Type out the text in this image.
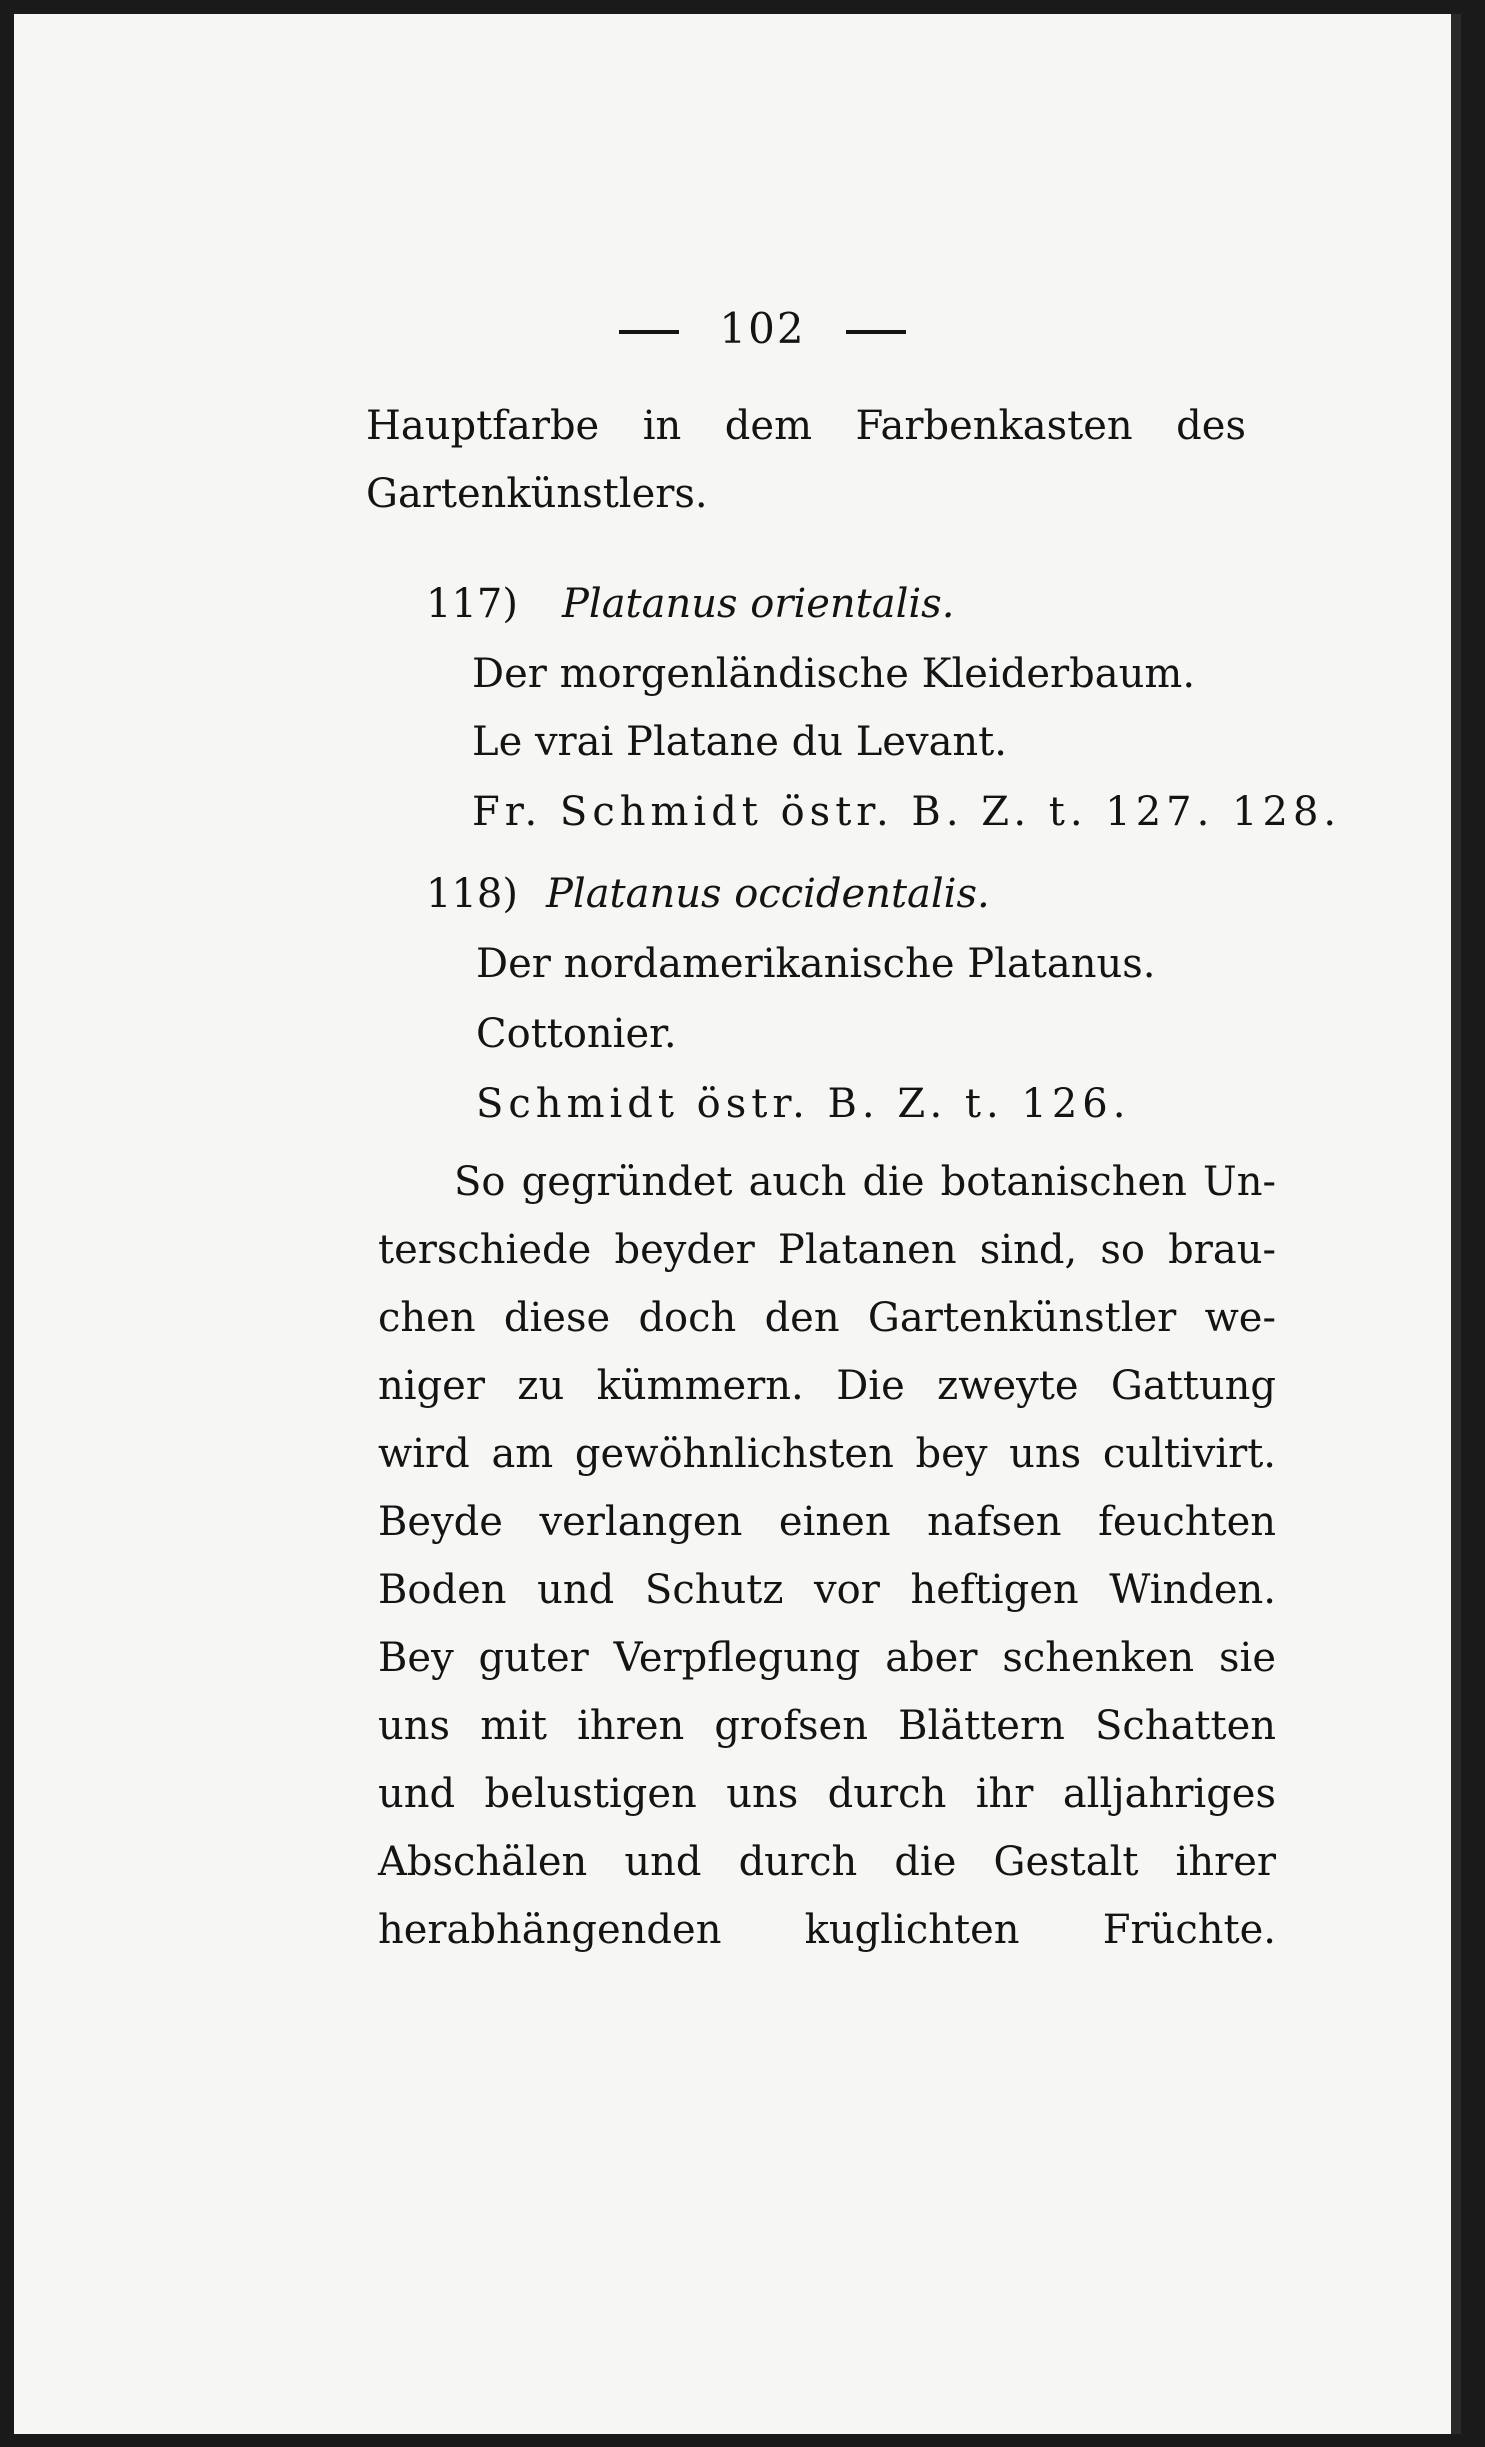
102
Hauptfarbe in dem Farbenkasten des
Gartenkünstlers.
117) Platanus orientalis.
Der morgenländische Kleiderbaum.
Le vrai Platane du Levant.
Fr. Schmidt östr. B. Z. t. 127. 128.
118) Platanus occidentalis.
Der nordamerikanische Platanus.
Cottonier.
Schmidt östr. B. Z. t. 126.
So gegründet auch die botanischen Un-
terschiede beyder Platanen sind, so brau-
chen diese doch den Gartenkünstler we-
niger zu kümmern. Die zweyte Gattung
wird am gewöhnlichsten bey uns cultivirt.
Beyde verlangen einen nafsen feuchten
Boden und Schutz vor heftigen Winden.
Bey guter Verpflegung aber schenken sie
uns mit ihren grofsen Blättern Schatten
und belustigen uns durch ihr alljahriges
Abschälen und durch die Gestalt ihrer
herabhängenden kuglichten Früchte.
